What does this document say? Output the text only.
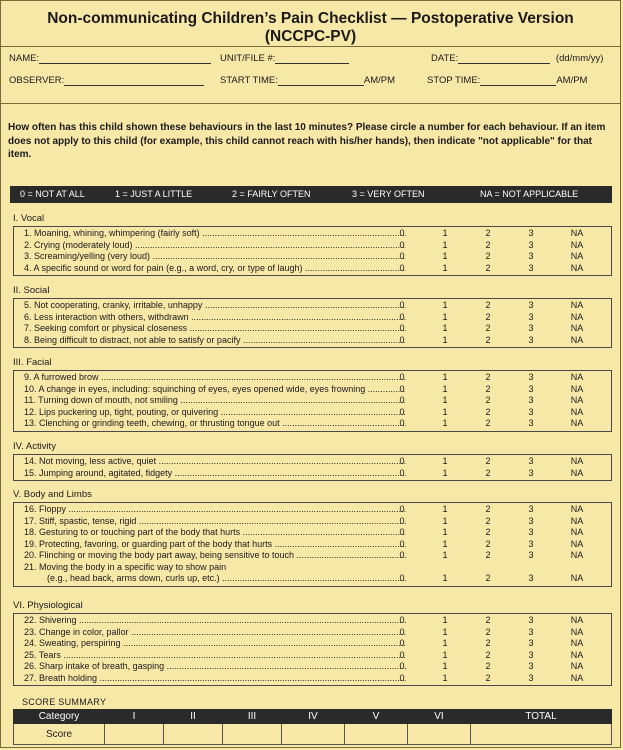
Non-communicating Children’s Pain Checklist — Postoperative Version
(NCCPC-PV)
NAME:	UNIT/FILE #:	DATE:	(dd/mm/yy)
OBSERVER:	START TIME:	AM/PM	STOP TIME:	AM/PM
How often has this child shown these behaviours in the last 10 minutes? Please circle a number for each behaviour. If an item does not apply to this child (for example, this child cannot reach with his/her hands), then indicate "not applicable" for that item.
0 = NOT AT ALL	1 = JUST A LITTLE	2 = FAIRLY OFTEN	3 = VERY OFTEN	NA = NOT APPLICABLE
I. Vocal
1. Moaning, whining, whimpering (fairly soft) .....	0	1	2	3	NA
2. Crying (moderately loud) .....	0	1	2	3	NA
3. Screaming/yelling (very loud) .....	0	1	2	3	NA
4. A specific sound or word for pain (e.g., a word, cry, or type of laugh) .....	0	1	2	3	NA
II. Social
5. Not cooperating, cranky, irritable, unhappy .....	0	1	2	3	NA
6. Less interaction with others, withdrawn .....	0	1	2	3	NA
7. Seeking comfort or physical closeness .....	0	1	2	3	NA
8. Being difficult to distract, not able to satisfy or pacify .....	0	1	2	3	NA
III. Facial
9. A furrowed brow .....	0	1	2	3	NA
10. A change in eyes, including: squinching of eyes, eyes opened wide, eyes frowning .....	0	1	2	3	NA
11. Turning down of mouth, not smiling .....	0	1	2	3	NA
12. Lips puckering up, tight, pouting, or quivering .....	0	1	2	3	NA
13. Clenching or grinding teeth, chewing, or thrusting tongue out .....	0	1	2	3	NA
IV. Activity
14. Not moving, less active, quiet .....	0	1	2	3	NA
15. Jumping around, agitated, fidgety .....	0	1	2	3	NA
V. Body and Limbs
16. Floppy .....	0	1	2	3	NA
17. Stiff, spastic, tense, rigid .....	0	1	2	3	NA
18. Gesturing to or touching part of the body that hurts .....	0	1	2	3	NA
19. Protecting, favoring, or guarding part of the body that hurts .....	0	1	2	3	NA
20. Flinching or moving the body part away, being sensitive to touch .....	0	1	2	3	NA
21. Moving the body in a specific way to show pain
(e.g., head back, arms down, curls up, etc.) .....	0	1	2	3	NA
VI. Physiological
22. Shivering .....	0	1	2	3	NA
23. Change in color, pallor .....	0	1	2	3	NA
24. Sweating, perspiring .....	0	1	2	3	NA
25. Tears .....	0	1	2	3	NA
26. Sharp intake of breath, gasping .....	0	1	2	3	NA
27. Breath holding .....	0	1	2	3	NA
SCORE SUMMARY
Category	I	II	III	IV	V	VI	TOTAL
Score							
